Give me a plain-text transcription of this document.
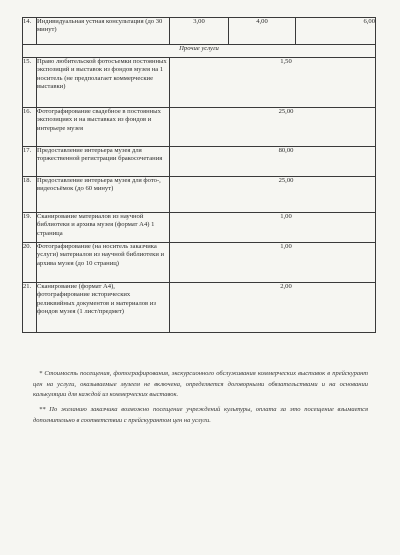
14.	Индивидуальная устная консультация (до 30 минут)	3,00	4,00	6,00
Прочие услуги				
15.	Право любительской фотосъемки постоянных экспозиций и выставок из фондов музея на 1 носитель (не предполагает коммерческие выставки)	1,50		

16.	Фотографирование свадебное в постоянных экспозициях и на выставках из фондов и интерьере музея	25,00		

17.	Предоставление интерьера музея для торжественной регистрации бракосочетания	80,00		

18.	Предоставление интерьера музея для фото-, видеосъёмок (до 60 минут)	25,00		

19.	Сканирование материалов из научной библиотеки и архива музея (формат А4) 1 страница	1,00		

20.	Фотографирование (на носитель заказчика услуги) материалов из научной библиотеки и архива музея (до 10 страниц)	1,00		

21.	Сканирование (формат А4), фотографирование исторических реликвийных документов и материалов из фондов музея (1 лист/предмет)	2,00		

* Стоимость посещения, фотографирования, экскурсионного обслуживания коммерческих выставок в прейскурант цен на услуги, оказываемые музеем не включена, определяется договорными обязательствами и на основании калькуляции для каждой из коммерческих выставок.

** По желанию заказчика возможно посещение учреждений культуры, оплата за это посещение взымается дополнительно в соответствии с прейскурантом цен на услуги.
